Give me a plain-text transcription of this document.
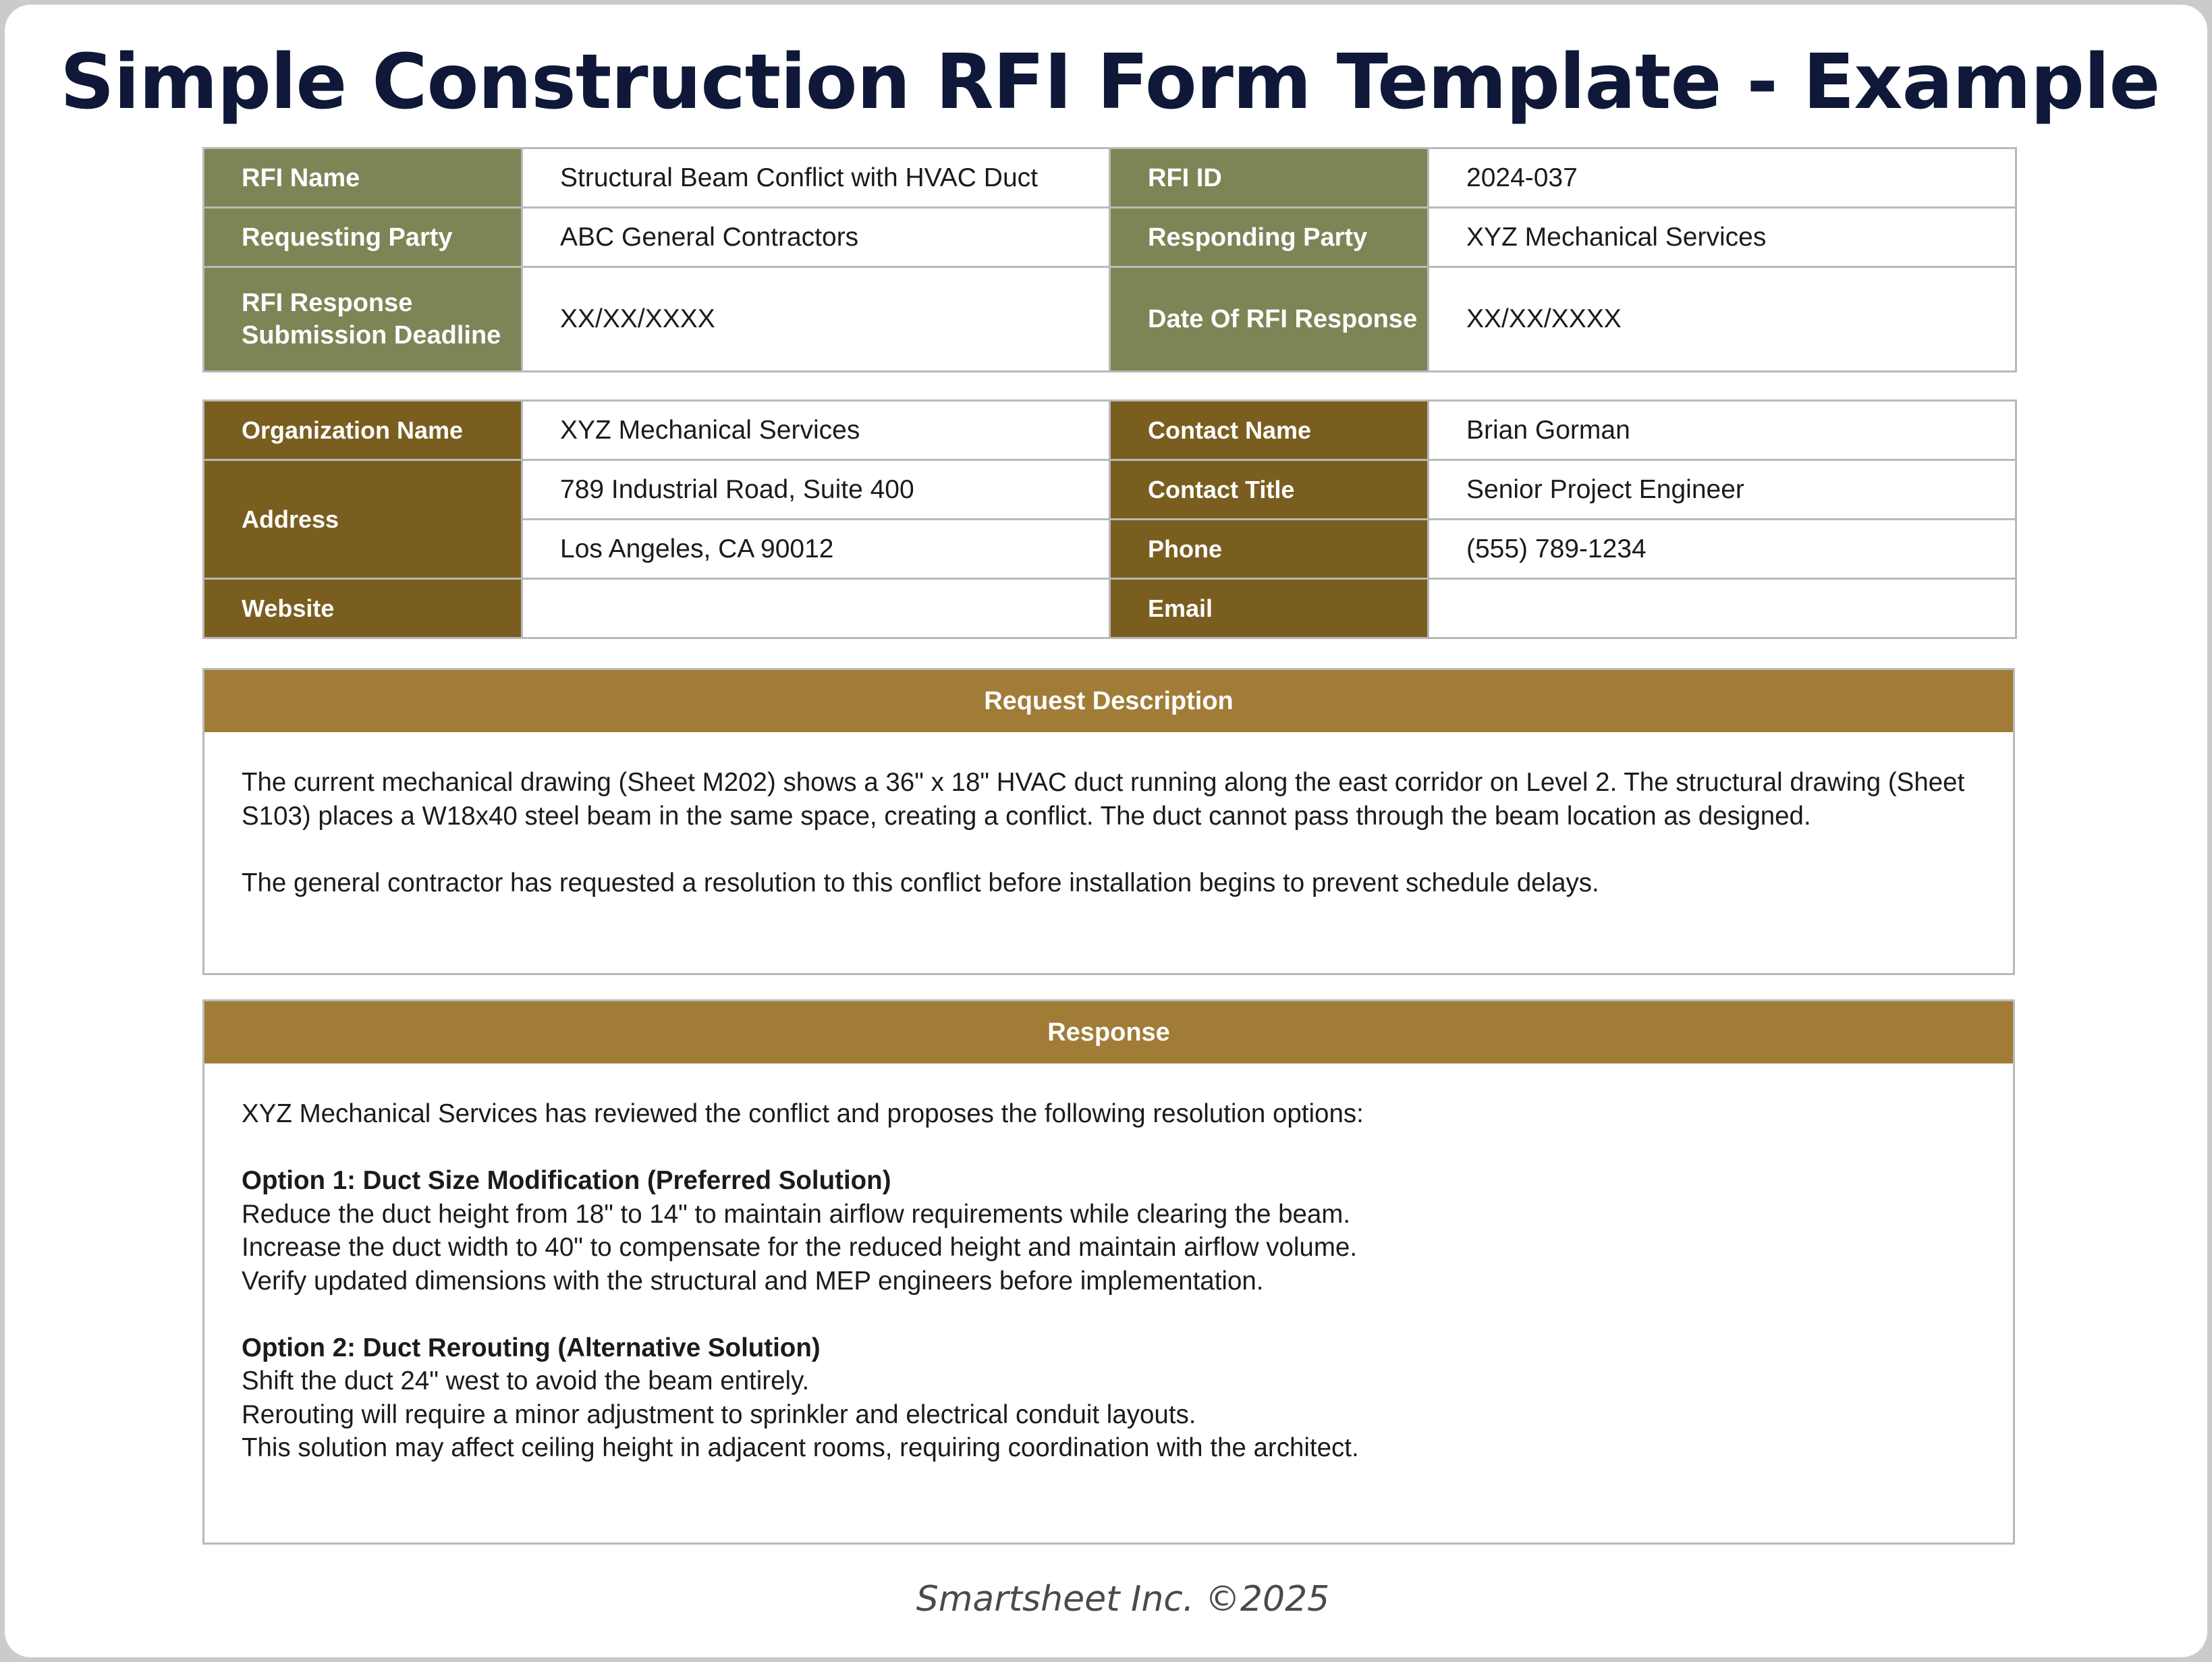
Simple Construction RFI Form Template - Example
RFI Name	Structural Beam Conflict with HVAC Duct	RFI ID	2024-037
Requesting Party	ABC General Contractors	Responding Party	XYZ Mechanical Services
RFI Response Submission Deadline	XX/XX/XXXX	Date Of RFI Response	XX/XX/XXXX
Organization Name	XYZ Mechanical Services	Contact Name	Brian Gorman
Address	789 Industrial Road, Suite 400	Contact Title	Senior Project Engineer
	Los Angeles, CA 90012	Phone	(555) 789-1234
Website		Email	
Request Description

The current mechanical drawing (Sheet M202) shows a 36" x 18" HVAC duct running along the east corridor on Level 2. The structural drawing (Sheet S103) places a W18x40 steel beam in the same space, creating a conflict. The duct cannot pass through the beam location as designed.

The general contractor has requested a resolution to this conflict before installation begins to prevent schedule delays.

Response

XYZ Mechanical Services has reviewed the conflict and proposes the following resolution options:

Option 1: Duct Size Modification (Preferred Solution)

Reduce the duct height from 18" to 14" to maintain airflow requirements while clearing the beam.

Increase the duct width to 40" to compensate for the reduced height and maintain airflow volume.

Verify updated dimensions with the structural and MEP engineers before implementation.

Option 2: Duct Rerouting (Alternative Solution)

Shift the duct 24" west to avoid the beam entirely.

Rerouting will require a minor adjustment to sprinkler and electrical conduit layouts.

This solution may affect ceiling height in adjacent rooms, requiring coordination with the architect.

Smartsheet Inc. ©2025
